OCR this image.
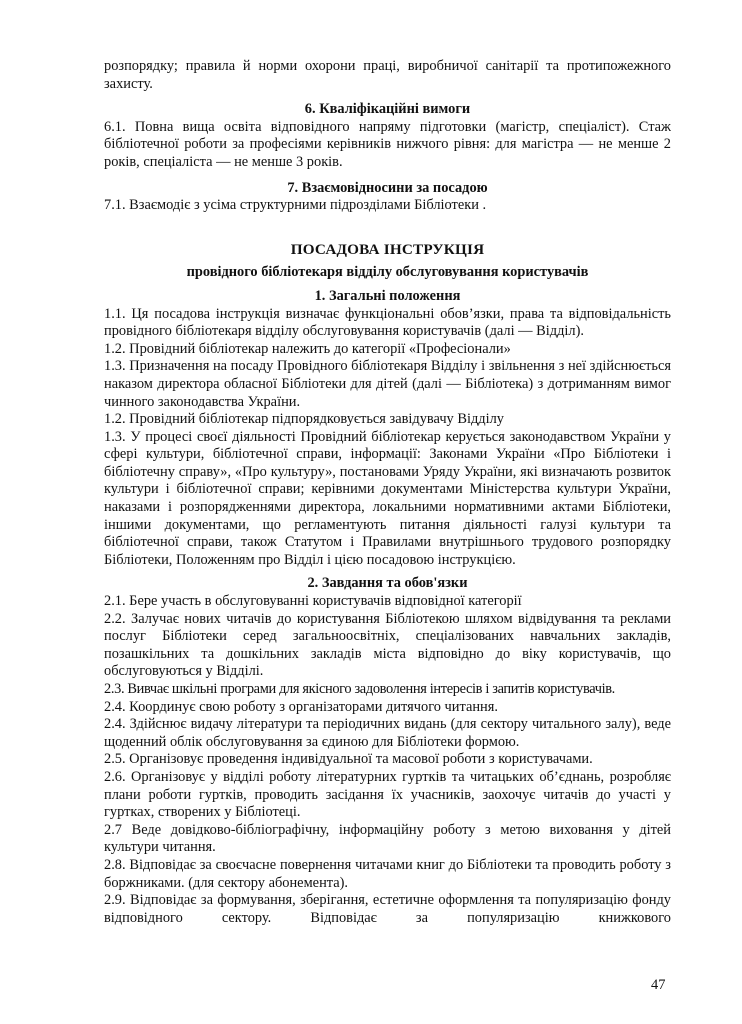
розпорядку; правила й норми охорони праці, виробничої санітарії та протипожежного захисту.

6. Кваліфікаційні вимоги

6.1. Повна вища освіта відповідного напряму підготовки (магістр, спеціаліст). Стаж бібліотечної роботи за професіями керівників нижчого рівня: для магістра — не менше 2 років, спеціаліста — не менше 3 років.

7. Взаємовідносини за посадою

7.1. Взаємодіє з усіма структурними підрозділами Бібліотеки .

ПОСАДОВА ІНСТРУКЦІЯ

провідного бібліотекаря відділу обслуговування користувачів

1. Загальні положення

1.1. Ця посадова інструкція визначає функціональні обов’язки, права та відповідальність провідного бібліотекаря відділу обслуговування користувачів (далі — Відділ).

1.2. Провідний бібліотекар належить до категорії «Професіонали»

1.3. Призначення на посаду Провідного бібліотекаря Відділу і звільнення з неї здійснюється наказом директора обласної Бібліотеки для дітей (далі — Бібліотека) з дотриманням вимог чинного законодавства України.

1.2. Провідний бібліотекар підпорядковується завідувачу Відділу

1.3. У процесі своєї діяльності Провідний бібліотекар керується законодавством України у сфері культури, бібліотечної справи, інформації: Законами України «Про Бібліотеки і бібліотечну справу», «Про культуру», постановами Уряду України, які визначають розвиток культури і бібліотечної справи; керівними документами Міністерства культури України, наказами і розпорядженнями директора, локальними нормативними актами Бібліотеки, іншими документами, що регламентують питання діяльності галузі культури та бібліотечної справи, також Статутом і Правилами внутрішнього трудового розпорядку Бібліотеки, Положенням про Відділ і цією посадовою інструкцією.

2. Завдання та обов'язки

2.1. Бере участь в обслуговуванні користувачів відповідної категорії

2.2. Залучає нових читачів до користування Бібліотекою шляхом відвідування та реклами послуг Бібліотеки серед загальноосвітніх, спеціалізованих навчальних закладів, позашкільних та дошкільних закладів міста відповідно до віку користувачів, що обслуговуються у Відділі.

2.3. Вивчає шкільні програми для якісного задоволення інтересів і запитів користувачів.

2.4. Координує свою роботу з організаторами дитячого читання.

2.4. Здійснює видачу літератури та періодичних видань (для сектору читального залу), веде щоденний облік обслуговування за єдиною для Бібліотеки формою.

2.5. Організовує проведення індивідуальної та масової роботи з користувачами.

2.6. Організовує у відділі роботу літературних гуртків та читацьких об’єднань, розробляє плани роботи гуртків, проводить засідання їх учасників, заохочує читачів до участі у гуртках, створених у Бібліотеці.

2.7 Веде довідково-бібліографічну, інформаційну роботу з метою виховання у дітей культури читання.

2.8. Відповідає за своєчасне повернення читачами книг до Бібліотеки та проводить роботу з боржниками. (для сектору абонемента).

2.9. Відповідає за формування, зберігання, естетичне оформлення та популяризацію фонду відповідного сектору. Відповідає за популяризацію книжкового

47
